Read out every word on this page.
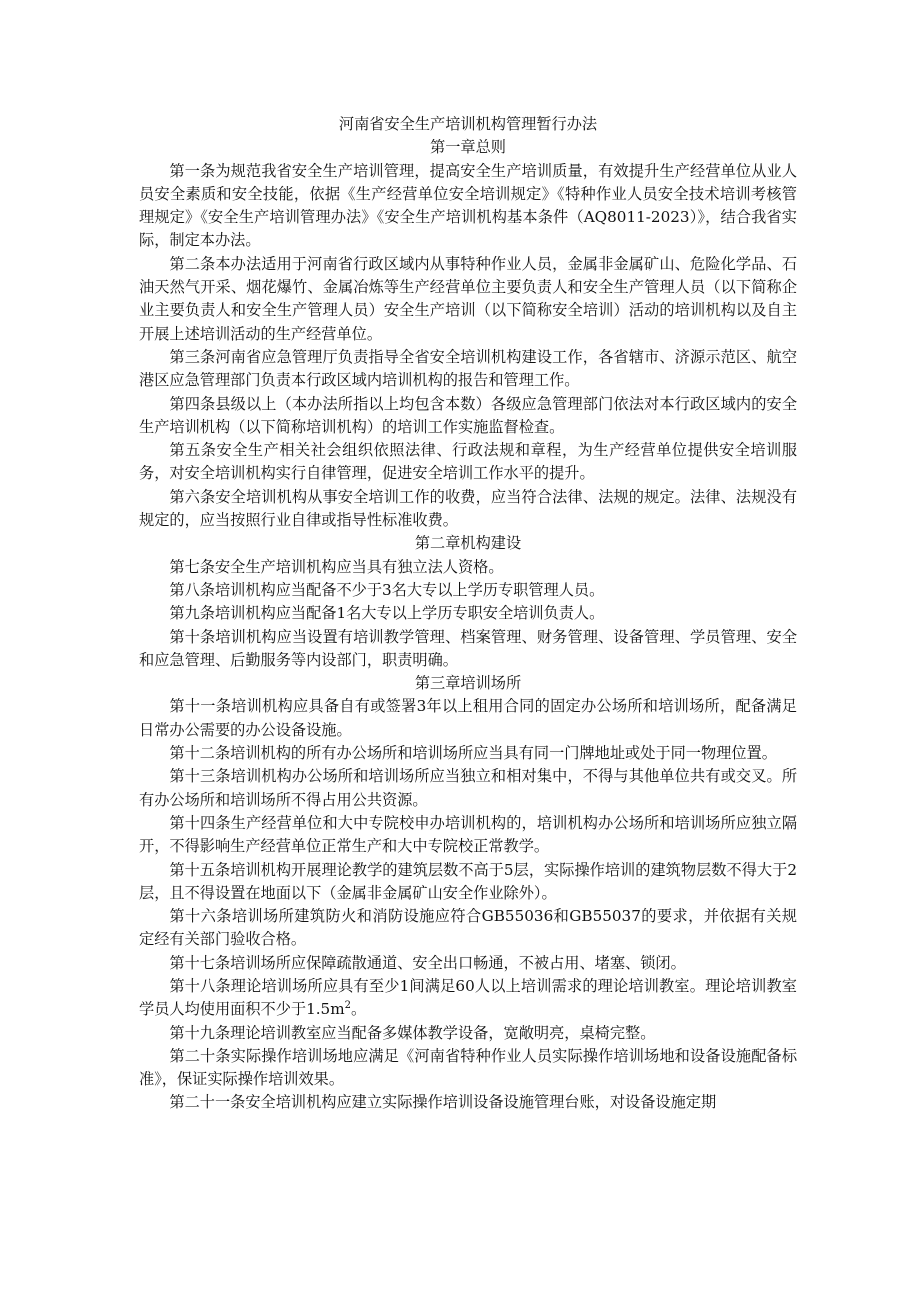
河南省安全生产培训机构管理暂行办法

第一章总则

第一条为规范我省安全生产培训管理，提高安全生产培训质量，有效提升生产经营单位从业人员安全素质和安全技能，依据《生产经营单位安全培训规定》《特种作业人员安全技术培训考核管理规定》《安全生产培训管理办法》《安全生产培训机构基本条件（AQ8011-2023）》，结合我省实际，制定本办法。

第二条本办法适用于河南省行政区域内从事特种作业人员，金属非金属矿山、危险化学品、石油天然气开采、烟花爆竹、金属冶炼等生产经营单位主要负责人和安全生产管理人员（以下简称企业主要负责人和安全生产管理人员）安全生产培训（以下简称安全培训）活动的培训机构以及自主开展上述培训活动的生产经营单位。

第三条河南省应急管理厅负责指导全省安全培训机构建设工作，各省辖市、济源示范区、航空港区应急管理部门负责本行政区域内培训机构的报告和管理工作。

第四条县级以上（本办法所指以上均包含本数）各级应急管理部门依法对本行政区域内的安全生产培训机构（以下简称培训机构）的培训工作实施监督检查。

第五条安全生产相关社会组织依照法律、行政法规和章程，为生产经营单位提供安全培训服务，对安全培训机构实行自律管理，促进安全培训工作水平的提升。

第六条安全培训机构从事安全培训工作的收费，应当符合法律、法规的规定。法律、法规没有规定的，应当按照行业自律或指导性标准收费。

第二章机构建设

第七条安全生产培训机构应当具有独立法人资格。

第八条培训机构应当配备不少于3名大专以上学历专职管理人员。

第九条培训机构应当配备1名大专以上学历专职安全培训负责人。

第十条培训机构应当设置有培训教学管理、档案管理、财务管理、设备管理、学员管理、安全和应急管理、后勤服务等内设部门，职责明确。

第三章培训场所

第十一条培训机构应具备自有或签署3年以上租用合同的固定办公场所和培训场所，配备满足日常办公需要的办公设备设施。

第十二条培训机构的所有办公场所和培训场所应当具有同一门牌地址或处于同一物理位置。

第十三条培训机构办公场所和培训场所应当独立和相对集中，不得与其他单位共有或交叉。所有办公场所和培训场所不得占用公共资源。

第十四条生产经营单位和大中专院校申办培训机构的，培训机构办公场所和培训场所应独立隔开，不得影响生产经营单位正常生产和大中专院校正常教学。

第十五条培训机构开展理论教学的建筑层数不高于5层，实际操作培训的建筑物层数不得大于2层，且不得设置在地面以下（金属非金属矿山安全作业除外）。

第十六条培训场所建筑防火和消防设施应符合GB55036和GB55037的要求，并依据有关规定经有关部门验收合格。

第十七条培训场所应保障疏散通道、安全出口畅通，不被占用、堵塞、锁闭。

第十八条理论培训场所应具有至少1间满足60人以上培训需求的理论培训教室。理论培训教室学员人均使用面积不少于$1.5m^2$。

第十九条理论培训教室应当配备多媒体教学设备，宽敞明亮，桌椅完整。

第二十条实际操作培训场地应满足《河南省特种作业人员实际操作培训场地和设备设施配备标准》，保证实际操作培训效果。

第二十一条安全培训机构应建立实际操作培训设备设施管理台账，对设备设施定期
